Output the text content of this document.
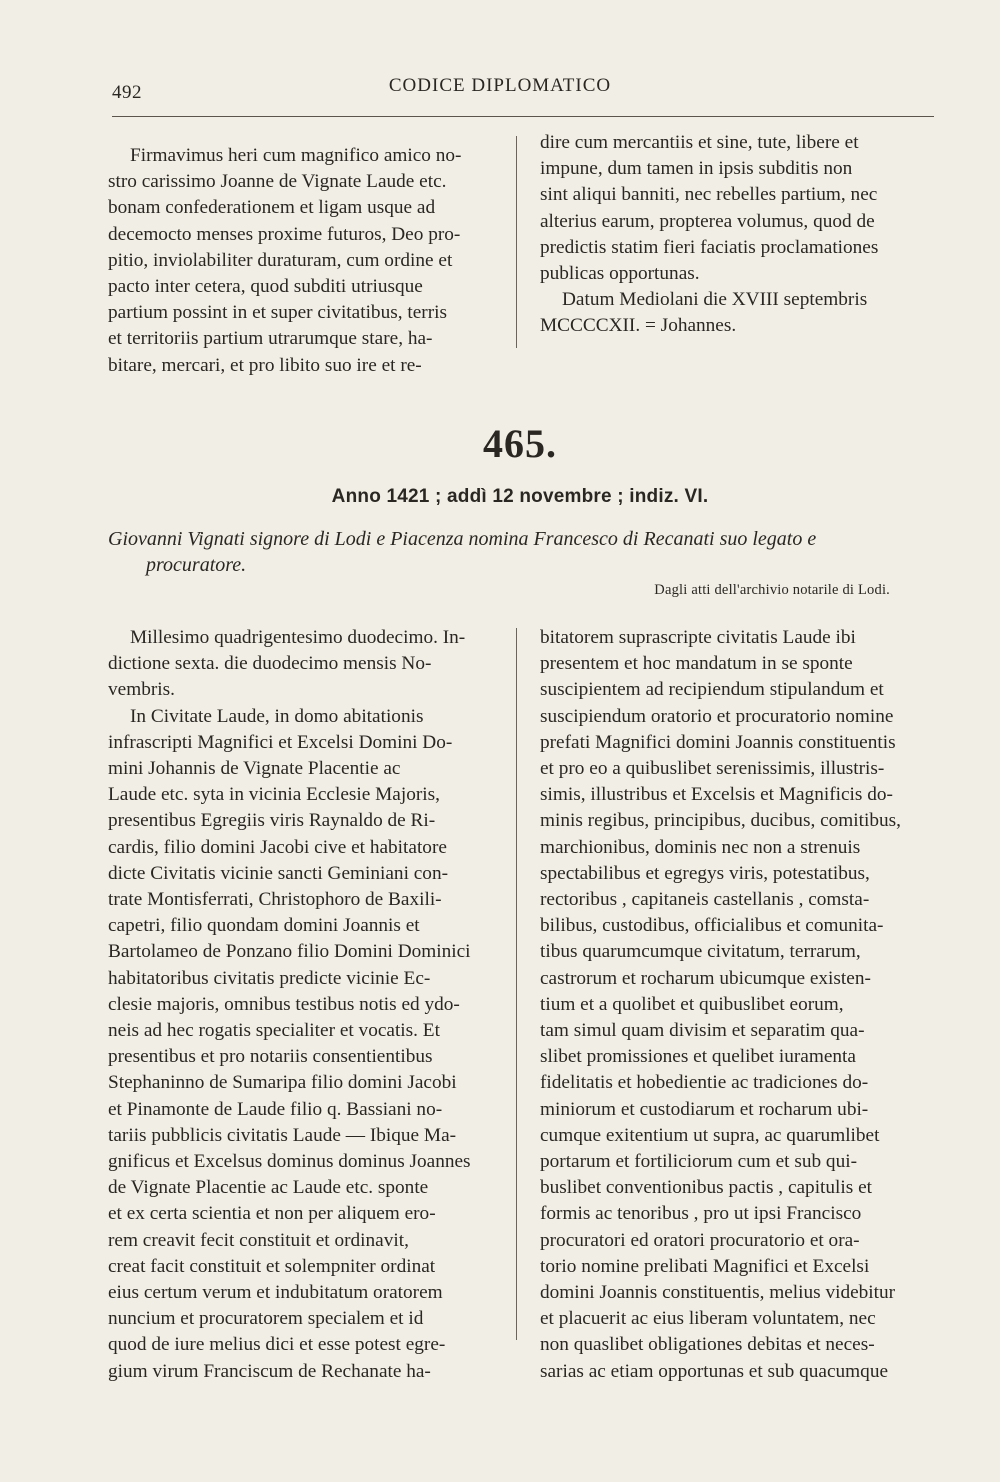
492	CODICE DIPLOMATICO

Firmavimus heri cum magnifico amico no-

stro carissimo Joanne de Vignate Laude etc.

bonam confederationem et ligam usque ad

decemocto menses proxime futuros, Deo pro-

pitio, inviolabiliter duraturam, cum ordine et

pacto inter cetera, quod subditi utriusque

partium possint in et super civitatibus, terris

et territoriis partium utrarumque stare, ha-

bitare, mercari, et pro libito suo ire et re-

dire cum mercantiis et sine, tute, libere et

impune, dum tamen in ipsis subditis non

sint aliqui banniti, nec rebelles partium, nec

alterius earum, propterea volumus, quod de

predictis statim fieri faciatis proclamationes

publicas opportunas.

Datum Mediolani die XVIII septembris

MCCCCXII. = Johannes.

465.
Anno 1421 ; addì 12 novembre ; indiz. VI.
Giovanni Vignati signore di Lodi e Piacenza nomina Francesco di Recanati suo legato e
procuratore.
Dagli atti dell'archivio notarile di Lodi.

Millesimo quadrigentesimo duodecimo. In-

dictione sexta. die duodecimo mensis No-

vembris.

In Civitate Laude, in domo abitationis

infrascripti Magnifici et Excelsi Domini Do-

mini Johannis de Vignate Placentie ac

Laude etc. syta in vicinia Ecclesie Majoris,

presentibus Egregiis viris Raynaldo de Ri-

cardis, filio domini Jacobi cive et habitatore

dicte Civitatis vicinie sancti Geminiani con-

trate Montisferrati, Christophoro de Baxili-

capetri, filio quondam domini Joannis et

Bartolameo de Ponzano filio Domini Dominici

habitatoribus civitatis predicte vicinie Ec-

clesie majoris, omnibus testibus notis ed ydo-

neis ad hec rogatis specialiter et vocatis. Et

presentibus et pro notariis consentientibus

Stephaninno de Sumaripa filio domini Jacobi

et Pinamonte de Laude filio q. Bassiani no-

tariis pubblicis civitatis Laude — Ibique Ma-

gnificus et Excelsus dominus dominus Joannes

de Vignate Placentie ac Laude etc. sponte

et ex certa scientia et non per aliquem ero-

rem creavit fecit constituit et ordinavit,

creat facit constituit et solempniter ordinat

eius certum verum et indubitatum oratorem

nuncium et procuratorem specialem et id

quod de iure melius dici et esse potest egre-

gium virum Franciscum de Rechanate ha-

bitatorem suprascripte civitatis Laude ibi

presentem et hoc mandatum in se sponte

suscipientem ad recipiendum stipulandum et

suscipiendum oratorio et procuratorio nomine

prefati Magnifici domini Joannis constituentis

et pro eo a quibuslibet serenissimis, illustris-

simis, illustribus et Excelsis et Magnificis do-

minis regibus, principibus, ducibus, comitibus,

marchionibus, dominis nec non a strenuis

spectabilibus et egregys viris, potestatibus,

rectoribus , capitaneis castellanis , comsta-

bilibus, custodibus, officialibus et comunita-

tibus quarumcumque civitatum, terrarum,

castrorum et rocharum ubicumque existen-

tium et a quolibet et quibuslibet eorum,

tam simul quam divisim et separatim qua-

slibet promissiones et quelibet iuramenta

fidelitatis et hobedientie ac tradiciones do-

miniorum et custodiarum et rocharum ubi-

cumque exitentium ut supra, ac quarumlibet

portarum et fortiliciorum cum et sub qui-

buslibet conventionibus pactis , capitulis et

formis ac tenoribus , pro ut ipsi Francisco

procuratori ed oratori procuratorio et ora-

torio nomine prelibati Magnifici et Excelsi

domini Joannis constituentis, melius videbitur

et placuerit ac eius liberam voluntatem, nec

non quaslibet obligationes debitas et neces-

sarias ac etiam opportunas et sub quacumque
